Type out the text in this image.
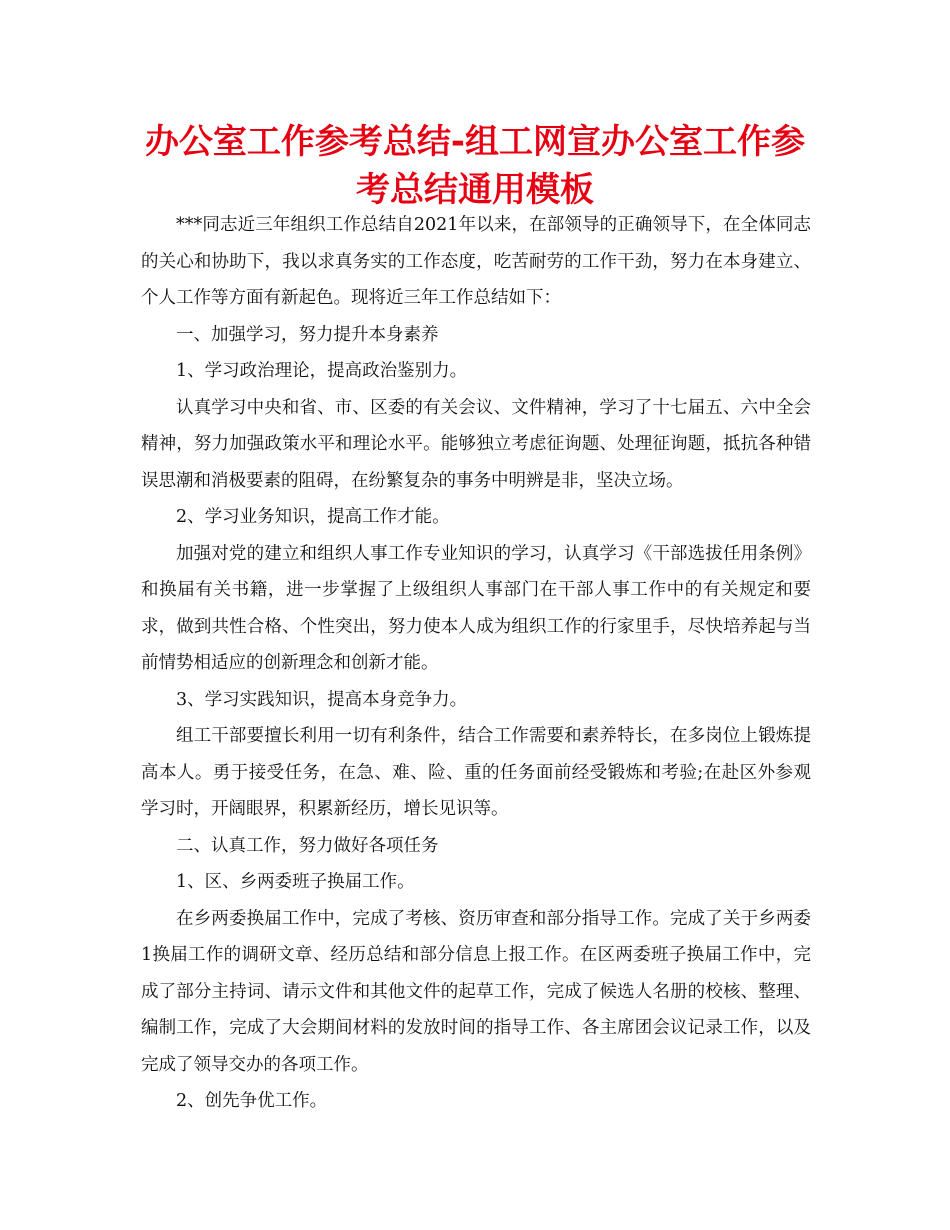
办公室工作参考总结-组工网宣办公室工作参考总结通用模板

***同志近三年组织工作总结自2021年以来，在部领导的正确领导下，在全体同志的关心和协助下，我以求真务实的工作态度，吃苦耐劳的工作干劲，努力在本身建立、个人工作等方面有新起色。现将近三年工作总结如下：

一、加强学习，努力提升本身素养

1、学习政治理论，提高政治鉴别力。

认真学习中央和省、市、区委的有关会议、文件精神，学习了十七届五、六中全会精神，努力加强政策水平和理论水平。能够独立考虑征询题、处理征询题，抵抗各种错误思潮和消极要素的阻碍，在纷繁复杂的事务中明辨是非，坚决立场。

2、学习业务知识，提高工作才能。

加强对党的建立和组织人事工作专业知识的学习，认真学习《干部选拔任用条例》和换届有关书籍，进一步掌握了上级组织人事部门在干部人事工作中的有关规定和要求，做到共性合格、个性突出，努力使本人成为组织工作的行家里手，尽快培养起与当前情势相适应的创新理念和创新才能。

3、学习实践知识，提高本身竞争力。

组工干部要擅长利用一切有利条件，结合工作需要和素养特长，在多岗位上锻炼提高本人。勇于接受任务，在急、难、险、重的任务面前经受锻炼和考验;在赴区外参观学习时，开阔眼界，积累新经历，增长见识等。

二、认真工作，努力做好各项任务

1、区、乡两委班子换届工作。

在乡两委换届工作中，完成了考核、资历审查和部分指导工作。完成了关于乡两委1换届工作的调研文章、经历总结和部分信息上报工作。在区两委班子换届工作中，完成了部分主持词、请示文件和其他文件的起草工作，完成了候选人名册的校核、整理、编制工作，完成了大会期间材料的发放时间的指导工作、各主席团会议记录工作，以及完成了领导交办的各项工作。

2、创先争优工作。
